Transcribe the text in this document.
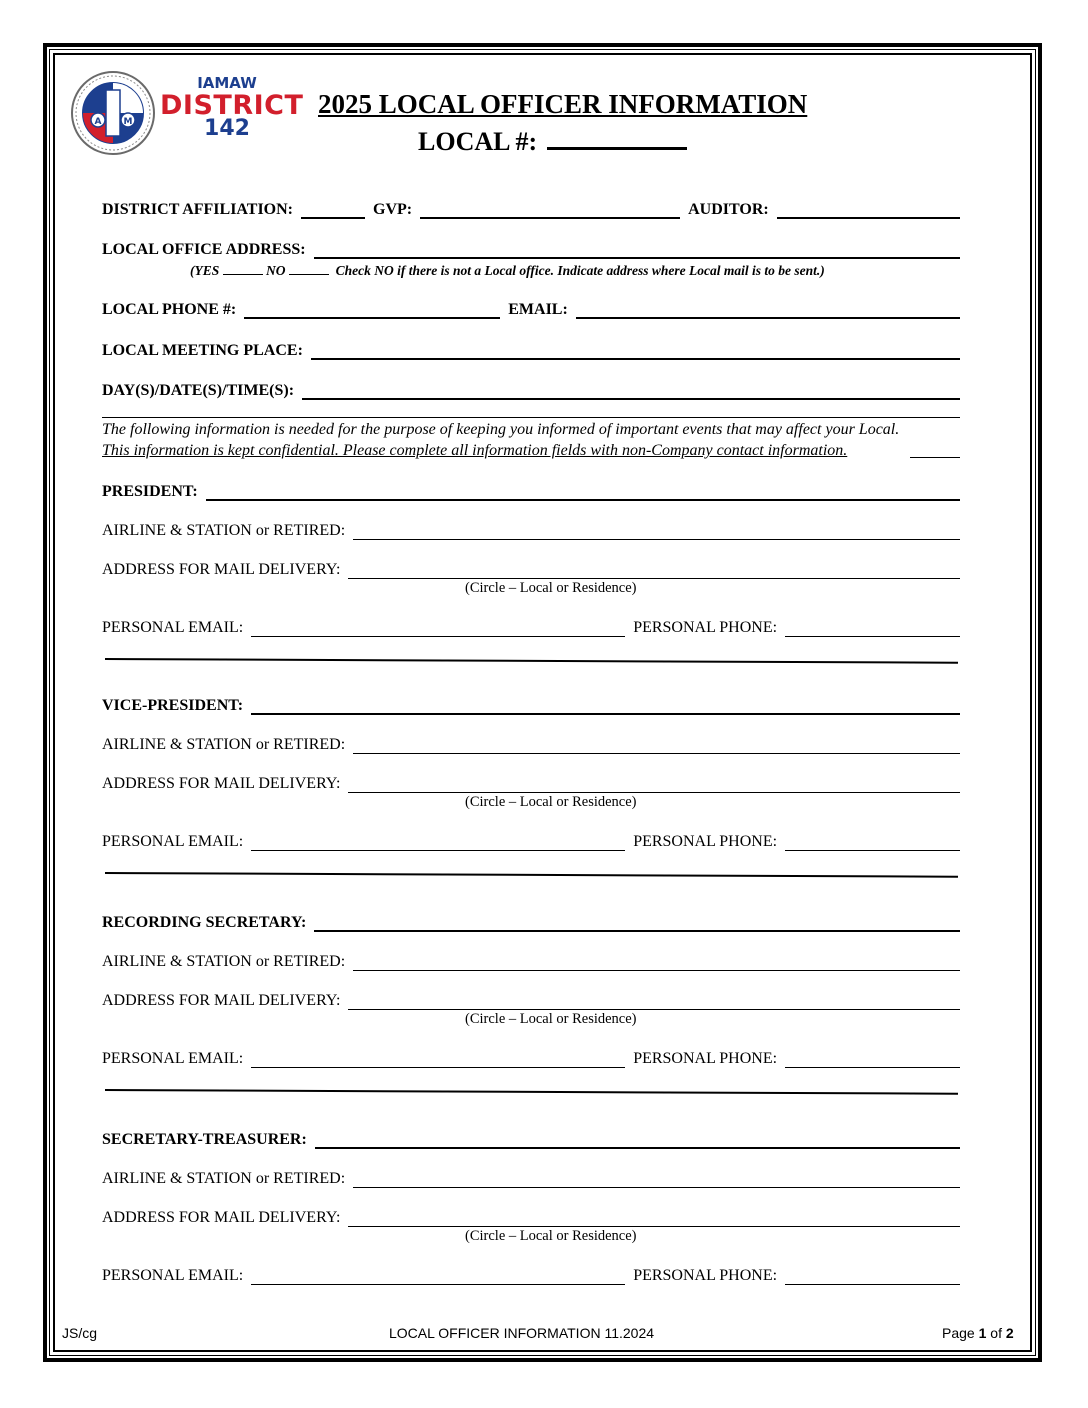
A M
IAMAW
DISTRICT
142
2025 LOCAL OFFICER INFORMATION
LOCAL #:
DISTRICT AFFILIATION:	GVP:	AUDITOR:
LOCAL OFFICE ADDRESS:
(YES	NO	Check NO if there is not a Local office. Indicate address where Local mail is to be sent.)
LOCAL PHONE #:	EMAIL:
LOCAL MEETING PLACE:
DAY(S)/DATE(S)/TIME(S):
The following information is needed for the purpose of keeping you informed of important events that may affect your Local.
This information is kept confidential. Please complete all information fields with non-Company contact information.
PRESIDENT:
AIRLINE & STATION or RETIRED:
ADDRESS FOR MAIL DELIVERY:
(Circle – Local or Residence)
PERSONAL EMAIL:	PERSONAL PHONE:
VICE-PRESIDENT:
AIRLINE & STATION or RETIRED:
ADDRESS FOR MAIL DELIVERY:
(Circle – Local or Residence)
PERSONAL EMAIL:	PERSONAL PHONE:
RECORDING SECRETARY:
AIRLINE & STATION or RETIRED:
ADDRESS FOR MAIL DELIVERY:
(Circle – Local or Residence)
PERSONAL EMAIL:	PERSONAL PHONE:
SECRETARY-TREASURER:
AIRLINE & STATION or RETIRED:
ADDRESS FOR MAIL DELIVERY:
(Circle – Local or Residence)
PERSONAL EMAIL:	PERSONAL PHONE:
JS/cg	LOCAL OFFICER INFORMATION 11.2024	Page 1 of 2
